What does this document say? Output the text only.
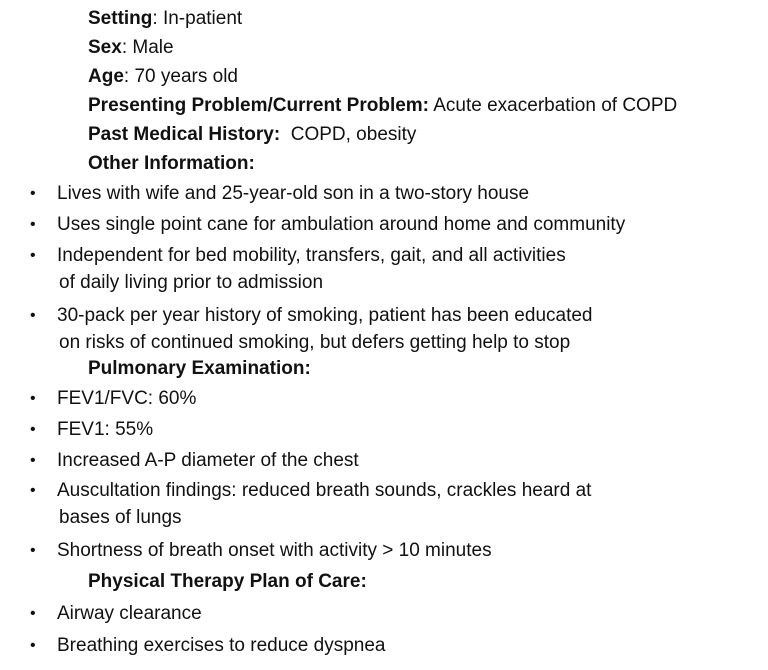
Setting: In-patient
Sex: Male
Age: 70 years old
Presenting Problem/Current Problem: Acute exacerbation of COPD
Past Medical History: COPD, obesity
Other Information:
• Lives with wife and 25-year-old son in a two-story house
• Uses single point cane for ambulation around home and community
• Independent for bed mobility, transfers, gait, and all activities
of daily living prior to admission
• 30-pack per year history of smoking, patient has been educated
on risks of continued smoking, but defers getting help to stop
Pulmonary Examination:
• FEV1/FVC: 60%
• FEV1: 55%
• Increased A-P diameter of the chest
• Auscultation findings: reduced breath sounds, crackles heard at
bases of lungs
• Shortness of breath onset with activity > 10 minutes
Physical Therapy Plan of Care:
• Airway clearance
• Breathing exercises to reduce dyspnea
